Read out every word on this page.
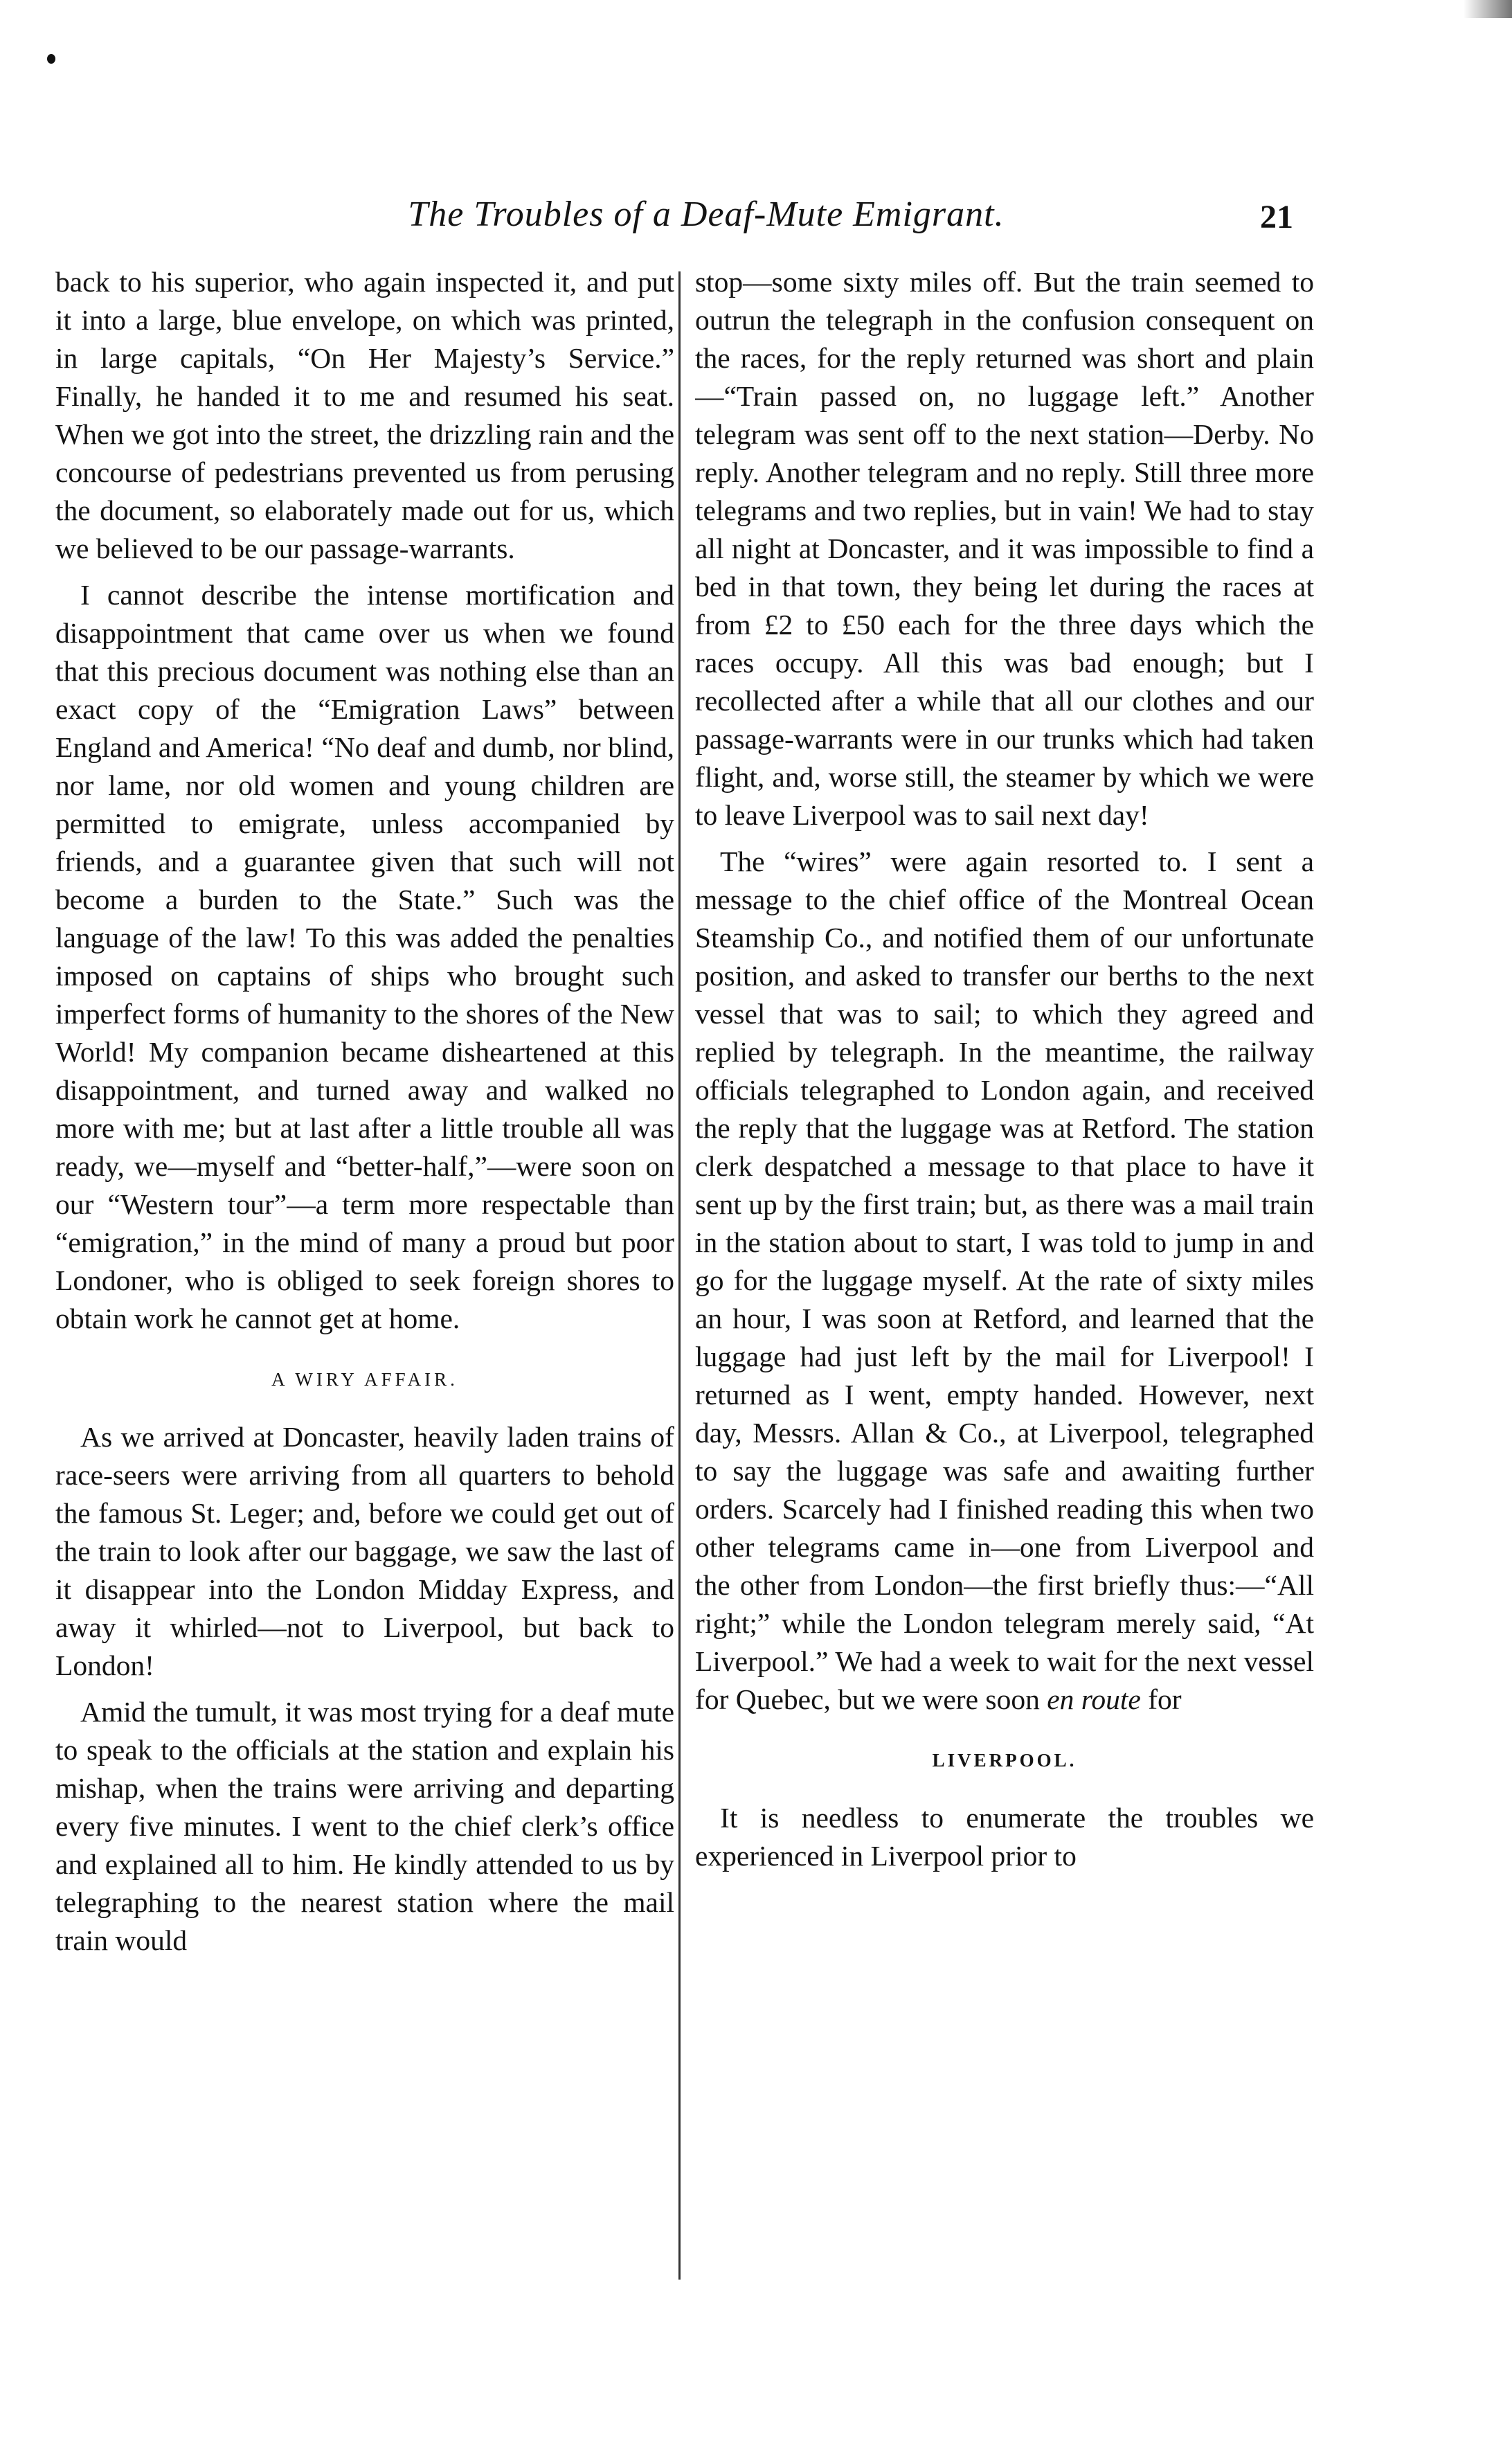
The Troubles of a Deaf-Mute Emigrant.	21

back to his superior, who again inspected it, and put it into a large, blue envelope, on which was printed, in large capitals, “On Her Majesty’s Service.” Finally, he handed it to me and resumed his seat. When we got into the street, the drizzling rain and the concourse of pedestrians prevented us from perusing the document, so elaborately made out for us, which we believed to be our passage-warrants.

I cannot describe the intense mortification and disappointment that came over us when we found that this precious document was nothing else than an exact copy of the “Emigration Laws” between England and America! “No deaf and dumb, nor blind, nor lame, nor old women and young children are permitted to emigrate, unless accompanied by friends, and a guarantee given that such will not become a burden to the State.” Such was the language of the law! To this was added the penalties imposed on captains of ships who brought such imperfect forms of humanity to the shores of the New World! My companion became disheartened at this disappointment, and turned away and walked no more with me; but at last after a little trouble all was ready, we—myself and “better-half,”—were soon on our “Western tour”—a term more respectable than “emigration,” in the mind of many a proud but poor Londoner, who is obliged to seek foreign shores to obtain work he cannot get at home.

A WIRY AFFAIR.

As we arrived at Doncaster, heavily laden trains of race-seers were arriving from all quarters to behold the famous St. Leger; and, before we could get out of the train to look after our baggage, we saw the last of it disappear into the London Midday Express, and away it whirled—not to Liverpool, but back to London!

Amid the tumult, it was most trying for a deaf mute to speak to the officials at the station and explain his mishap, when the trains were arriving and departing every five minutes. I went to the chief clerk’s office and explained all to him. He kindly attended to us by telegraphing to the nearest station where the mail train would

stop—some sixty miles off. But the train seemed to outrun the telegraph in the confusion consequent on the races, for the reply returned was short and plain—“Train passed on, no luggage left.” Another telegram was sent off to the next station—Derby. No reply. Another telegram and no reply. Still three more telegrams and two replies, but in vain! We had to stay all night at Doncaster, and it was impossible to find a bed in that town, they being let during the races at from £2 to £50 each for the three days which the races occupy. All this was bad enough; but I recollected after a while that all our clothes and our passage-warrants were in our trunks which had taken flight, and, worse still, the steamer by which we were to leave Liverpool was to sail next day!

The “wires” were again resorted to. I sent a message to the chief office of the Montreal Ocean Steamship Co., and notified them of our unfortunate position, and asked to transfer our berths to the next vessel that was to sail; to which they agreed and replied by telegraph. In the meantime, the railway officials telegraphed to London again, and received the reply that the luggage was at Retford. The station clerk despatched a message to that place to have it sent up by the first train; but, as there was a mail train in the station about to start, I was told to jump in and go for the luggage myself. At the rate of sixty miles an hour, I was soon at Retford, and learned that the luggage had just left by the mail for Liverpool! I returned as I went, empty handed. However, next day, Messrs. Allan & Co., at Liverpool, telegraphed to say the luggage was safe and awaiting further orders. Scarcely had I finished reading this when two other telegrams came in—one from Liverpool and the other from London—the first briefly thus:—“All right;” while the London telegram merely said, “At Liverpool.” We had a week to wait for the next vessel for Quebec, but we were soon en route for

LIVERPOOL.

It is needless to enumerate the troubles we experienced in Liverpool prior to
